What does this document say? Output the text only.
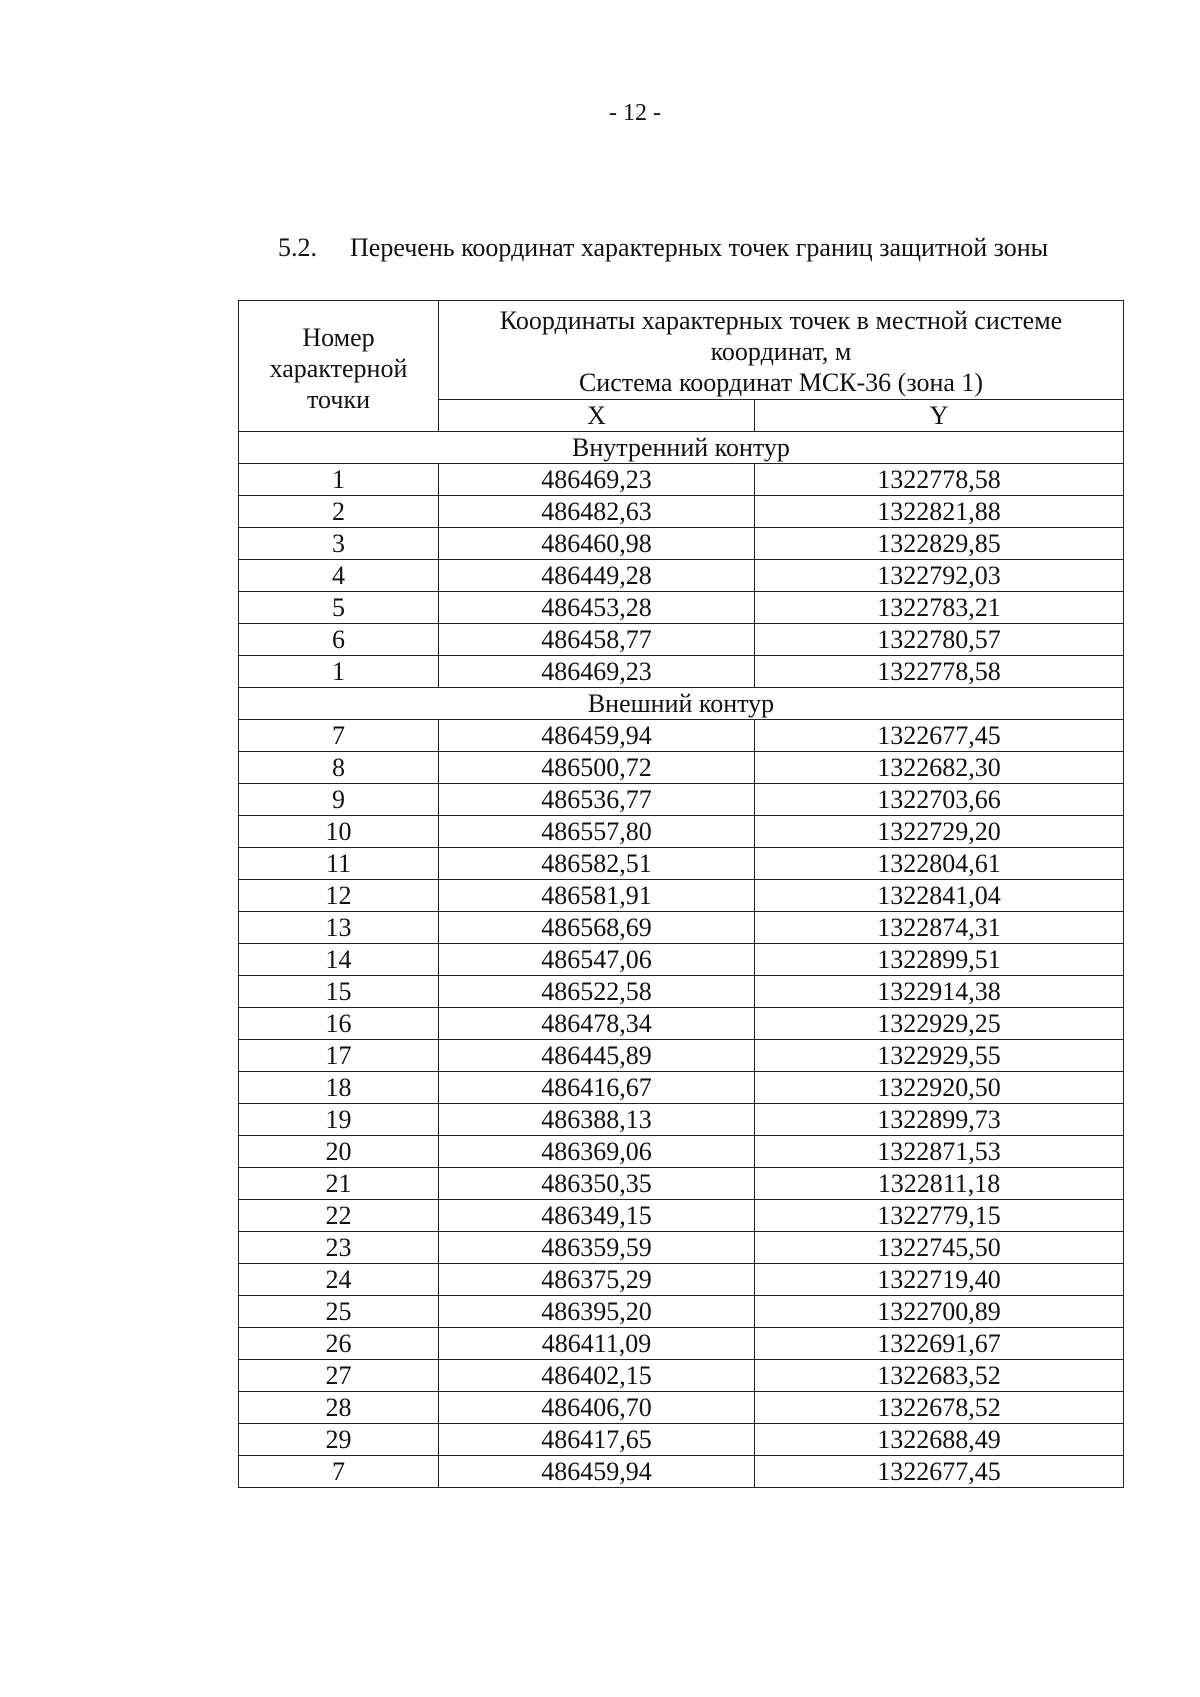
- 12 -
5.2. Перечень координат характерных точек границ защитной зоны
Номер характерной точки	Координаты характерных точек в местной системе координат, м
Система координат МСК-36 (зона 1)	

	X	Y
Внутренний контур		
1	486469,23	1322778,58
2	486482,63	1322821,88
3	486460,98	1322829,85
4	486449,28	1322792,03
5	486453,28	1322783,21
6	486458,77	1322780,57
1	486469,23	1322778,58
Внешний контур		
7	486459,94	1322677,45
8	486500,72	1322682,30
9	486536,77	1322703,66
10	486557,80	1322729,20
11	486582,51	1322804,61
12	486581,91	1322841,04
13	486568,69	1322874,31
14	486547,06	1322899,51
15	486522,58	1322914,38
16	486478,34	1322929,25
17	486445,89	1322929,55
18	486416,67	1322920,50
19	486388,13	1322899,73
20	486369,06	1322871,53
21	486350,35	1322811,18
22	486349,15	1322779,15
23	486359,59	1322745,50
24	486375,29	1322719,40
25	486395,20	1322700,89
26	486411,09	1322691,67
27	486402,15	1322683,52
28	486406,70	1322678,52
29	486417,65	1322688,49
7	486459,94	1322677,45
